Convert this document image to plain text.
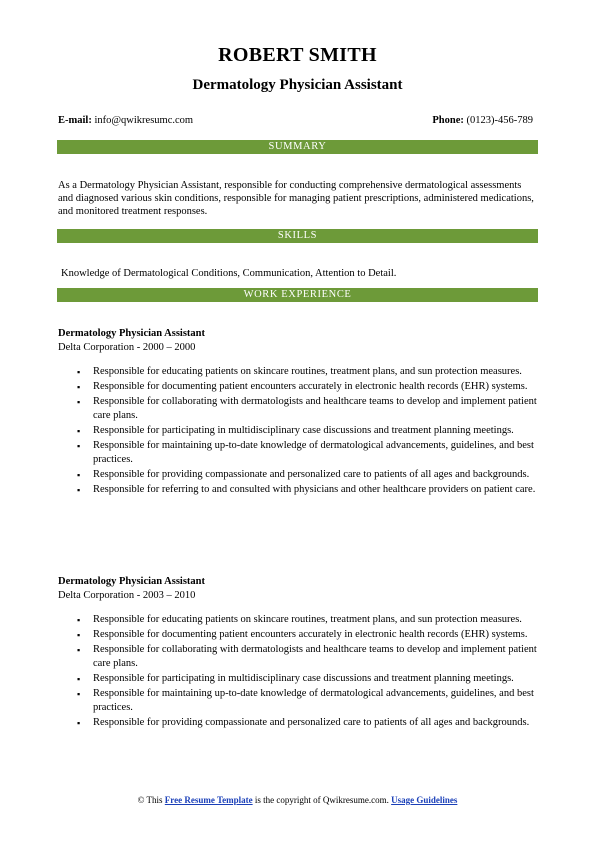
ROBERT SMITH
Dermatology Physician Assistant
E-mail: info@qwikresumc.com	Phone: (0123)-456-789
SUMMARY
As a Dermatology Physician Assistant, responsible for conducting comprehensive dermatological assessments and diagnosed various skin conditions, responsible for managing patient prescriptions, administered medications, and monitored treatment responses.
SKILLS
Knowledge of Dermatological Conditions, Communication, Attention to Detail.
WORK EXPERIENCE
Dermatology Physician Assistant
Delta Corporation - 2000 – 2000
▪ Responsible for educating patients on skincare routines, treatment plans, and sun protection measures.
▪ Responsible for documenting patient encounters accurately in electronic health records (EHR) systems.
▪ Responsible for collaborating with dermatologists and healthcare teams to develop and implement patient care plans.
▪ Responsible for participating in multidisciplinary case discussions and treatment planning meetings.
▪ Responsible for maintaining up-to-date knowledge of dermatological advancements, guidelines, and best practices.
▪ Responsible for providing compassionate and personalized care to patients of all ages and backgrounds.
▪ Responsible for referring to and consulted with physicians and other healthcare providers on patient care.
Dermatology Physician Assistant
Delta Corporation - 2003 – 2010
▪ Responsible for educating patients on skincare routines, treatment plans, and sun protection measures.
▪ Responsible for documenting patient encounters accurately in electronic health records (EHR) systems.
▪ Responsible for collaborating with dermatologists and healthcare teams to develop and implement patient care plans.
▪ Responsible for participating in multidisciplinary case discussions and treatment planning meetings.
▪ Responsible for maintaining up-to-date knowledge of dermatological advancements, guidelines, and best practices.
▪ Responsible for providing compassionate and personalized care to patients of all ages and backgrounds.
© This Free Resume Template is the copyright of Qwikresume.com. Usage Guidelines
